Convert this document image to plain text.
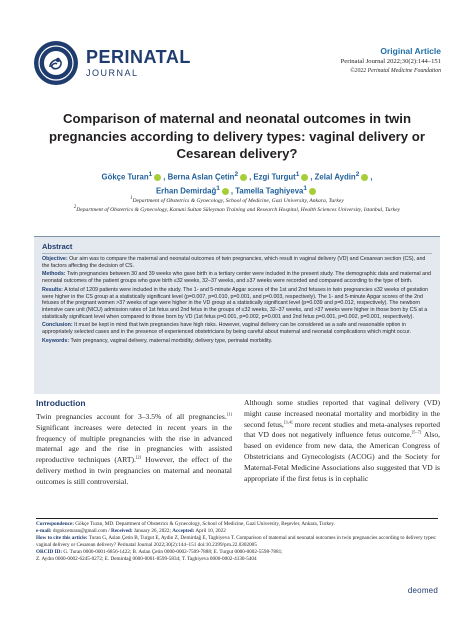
PERINATAL
JOURNAL
Original Article
Perinatal Journal 2022;30(2):144–151
©2022 Perinatal Medicine Foundation
Comparison of maternal and neonatal outcomes in twin pregnancies according to delivery types: vaginal delivery or Cesarean delivery?
Gökçe Turan$^1$ , Berna Aslan Çetin$^2$ , Ezgi Turgut$^1$ , Zelal Aydin$^2$ ,
Erhan Demirdağ$^1$ , Tamella Taghiyeva$^1$
$^1$Department of Obstetrics & Gynecology, School of Medicine, Gazi University, Ankara, Turkey
$^2$Department of Obstetrics & Gynecology, Kanuni Sultan Süleyman Training and Research Hospital, Health Sciences University, Istanbul, Turkey
Abstract

Objective: Our aim was to compare the maternal and neonatal outcomes of twin pregnancies, which result in vaginal delivery (VD) and Cesarean section (CS), and the factors affecting the decision of CS.

Methods: Twin pregnancies between 30 and 39 weeks who gave birth in a tertiary center were included in the present study. The demographic data and maternal and neonatal outcomes of the patient groups who gave birth ≤32 weeks, 32–37 weeks, and ≥37 weeks were recorded and compared according to the type of birth.

Results: A total of 1209 patients were included in the study. The 1- and 5-minute Apgar scores of the 1st and 2nd fetuses in twin pregnancies ≤32 weeks of gestation were higher in the CS group at a statistically significant level (p=0.007, p=0.010, p=0.001, and p=0.003, respectively). The 1- and 5-minute Apgar scores of the 2nd fetuses of the pregnant women >37 weeks of age were higher in the VD group at a statistically significant level (p=0.039 and p=0.012, respectively). The newborn intensive care unit (NICU) admission rates of 1st fetus and 2nd fetus in the groups of ≤32 weeks, 32–37 weeks, and >37 weeks were higher in those born by CS at a statistically significant level when compared to those born by VD (1st fetus p=0.001, p=0.002, p=0.001 and 2nd fetus p=0.001, p=0.002, p=0.001, respectively).

Conclusion: It must be kept in mind that twin pregnancies have high risks. However, vaginal delivery can be considered as a safe and reasonable option in appropriately selected cases and in the presence of experienced obstetricians by being careful about maternal and neonatal complications which might occur.

Keywords: Twin pregnancy, vaginal delivery, maternal morbidity, delivery type, perinatal morbidity.

Introduction
Twin pregnancies account for 3–3.5% of all pregnancies.[1] Significant increases were detected in recent years in the frequency of multiple pregnancies with the rise in advanced maternal age and the rise in pregnancies with assisted reproductive techniques (ART).[2] However, the effect of the delivery method in twin pregnancies on maternal and neonatal outcomes is still controversial.
Although some studies reported that vaginal delivery (VD) might cause increased neonatal mortality and morbidity in the second fetus,[3,4] more recent studies and meta-analyses reported that VD does not negatively influence fetus outcome.[5–7] Also, based on evidence from new data, the American Congress of Obstetricians and Gynecologists (ACOG) and the Society for Maternal-Fetal Medicine Associations also suggested that VD is appropriate if the first fetus is in cephalic
Correspondence: Gökçe Turan, MD. Department of Obstetrics & Gynecology, School of Medicine, Gazi University, Beşevler, Ankara, Turkey.
e-mail: drgokceturan@gmail.com / Received: January 26, 2022; Accepted: April 10, 2022
How to cite this article: Turan G, Aslan Çetin B, Turgut E, Aydin Z, Demirdağ E, Taghiyeva T. Comparison of maternal and neonatal outcomes in twin pregnancies according to delivery types: vaginal delivery or Cesarean delivery? Perinatal Journal 2022;30(2):144–151 doi:10.2399/prn.22.0302005
ORCID ID: G. Turan 0000-0001-6856-1422; B. Aslan Çetin 0000-0002-7509-7888; E. Turgut 0000-0002-5598-7881;
Z. Aydın 0000-0002-6245-0272; E. Demirdağ 0000-0001-8599-5834; T. Taghiyeva 0000-0002-4130-5404
deomed
